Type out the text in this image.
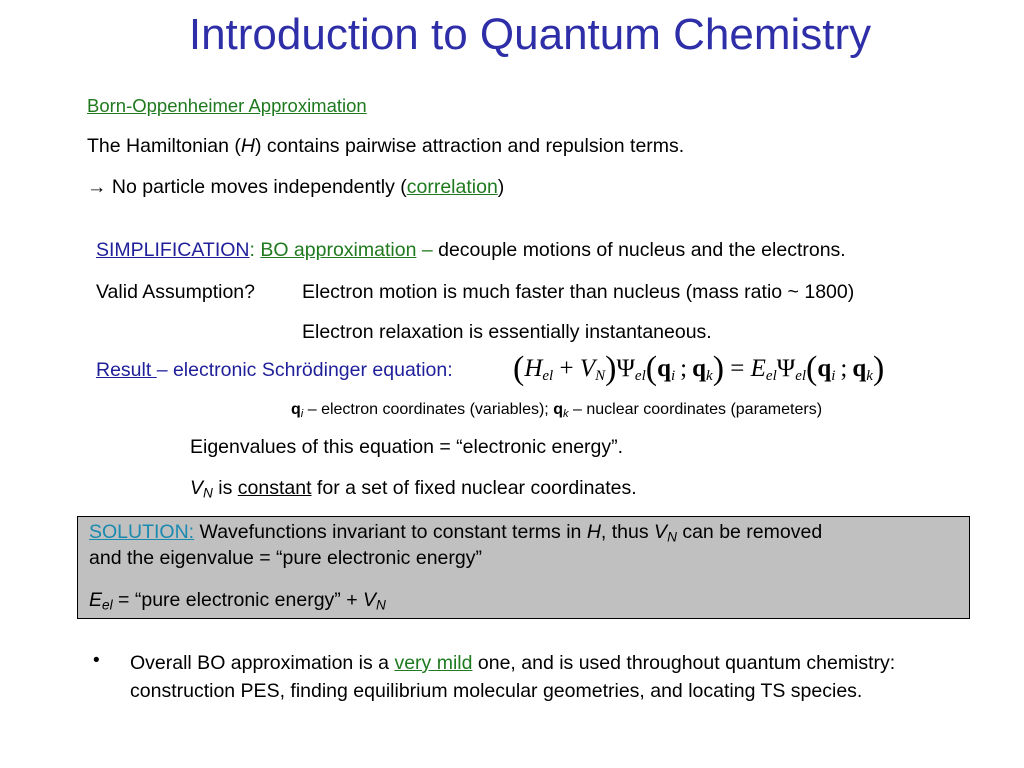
Introduction to Quantum Chemistry
Born-Oppenheimer Approximation
The Hamiltonian (H) contains pairwise attraction and repulsion terms.
→ No particle moves independently (correlation)
SIMPLIFICATION: BO approximation – decouple motions of nucleus and the electrons.
Valid Assumption? Electron motion is much faster than nucleus (mass ratio ~ 1800)
Electron relaxation is essentially instantaneous.
Result – electronic Schrödinger equation: $(H_{el} + V_N)\Psi_{el}(q_i$ ; $q_k) = E_{el}\Psi_{el}(q_i$ ; $q_k$)
$q_i$ – electron coordinates (variables); $q_k$ – nuclear coordinates (parameters)
Eigenvalues of this equation = “electronic energy”.
$V_N$ is constant for a set of fixed nuclear coordinates.
SOLUTION: Wavefunctions invariant to constant terms in H, thus $V_N$ can be removed
and the eigenvalue = “pure electronic energy”
$E_{el}$ = “pure electronic energy” + $V_N$
• Overall BO approximation is a very mild one, and is used throughout quantum chemistry: construction PES, finding equilibrium molecular geometries, and locating TS species.
